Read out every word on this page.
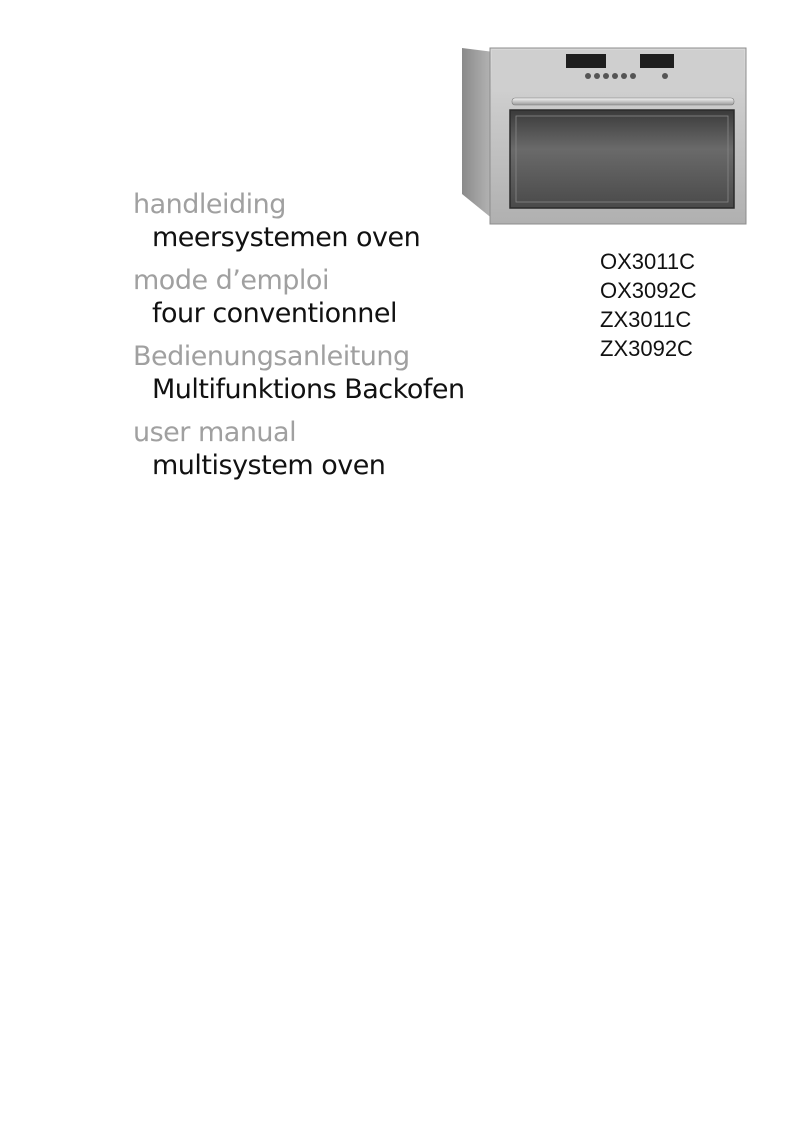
handleiding
meersystemen oven
mode d’emploi
four conventionnel
Bedienungsanleitung
Multifunktions Backofen
user manual
multisystem oven
OX3011C
OX3092C
ZX3011C
ZX3092C
